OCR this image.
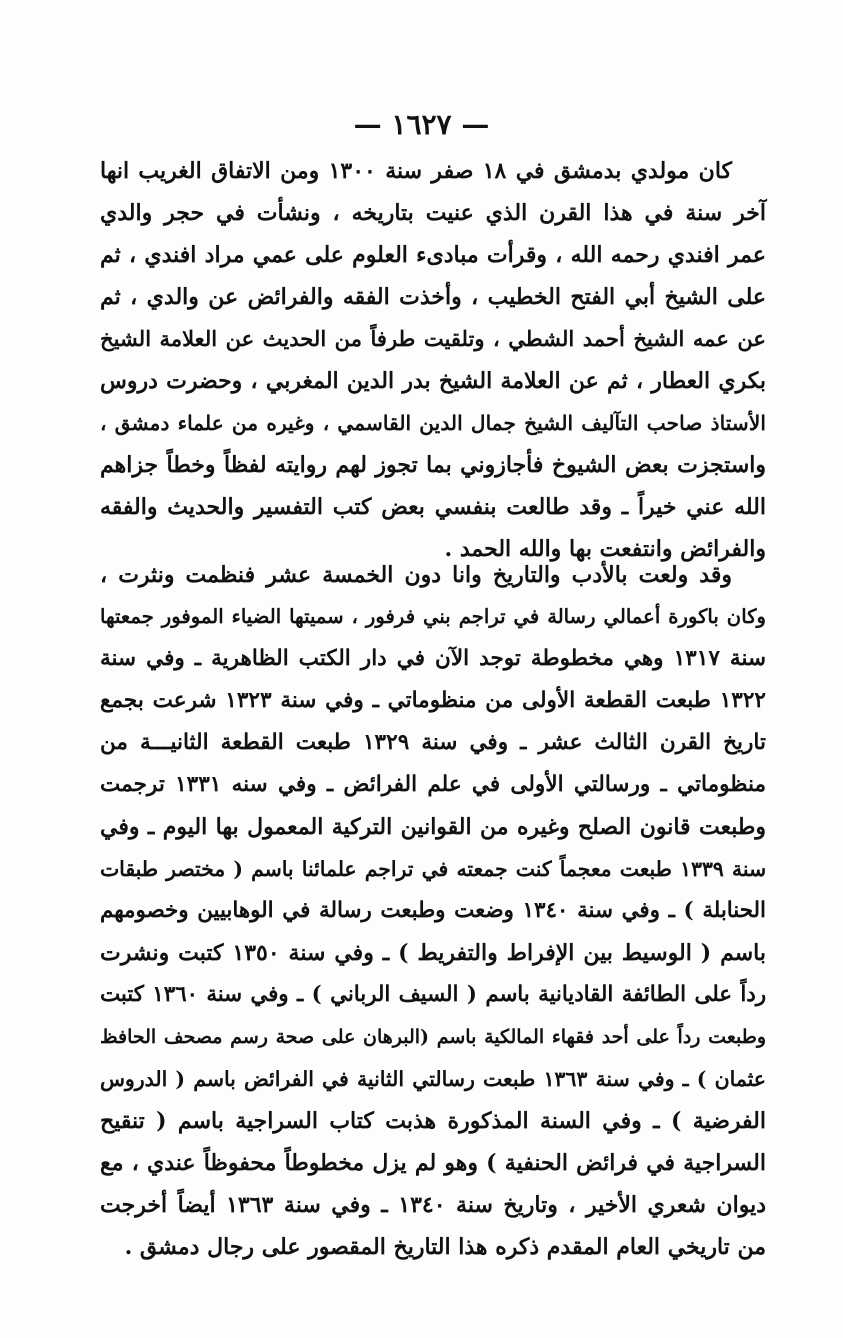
— ١٦٢٧ —
كان مولدي بدمشق في ١٨ صفر سنة ١٣٠٠ ومن الاتفاق الغريب انها
آخر سنة في هذا القرن الذي عنيت بتاريخه ، ونشأت في حجر والدي
عمر افندي رحمه الله ، وقرأت مبادىء العلوم على عمي مراد افندي ، ثم
على الشيخ أبي الفتح الخطيب ، وأخذت الفقه والفرائض عن والدي ، ثم
عن عمه الشيخ أحمد الشطي ، وتلقيت طرفاً من الحديث عن العلامة الشيخ
بكري العطار ، ثم عن العلامة الشيخ بدر الدين المغربي ، وحضرت دروس
الأستاذ صاحب التآليف الشيخ جمال الدين القاسمي ، وغيره من علماء دمشق ،
واستجزت بعض الشيوخ فأجازوني بما تجوز لهم روايته لفظاً وخطاً جزاهم
الله عني خيراً ـ وقد طالعت بنفسي بعض كتب التفسير والحديث والفقه
والفرائض وانتفعت بها والله الحمد .
وقد ولعت بالأدب والتاريخ وانا دون الخمسة عشر فنظمت ونثرت ،
وكان باكورة أعمالي رسالة في تراجم بني فرفور ، سميتها الضياء الموفور جمعتها
سنة ١٣١٧ وهي مخطوطة توجد الآن في دار الكتب الظاهرية ـ وفي سنة
١٣٢٢ طبعت القطعة الأولى من منظوماتي ـ وفي سنة ١٣٢٣ شرعت بجمع
تاريخ القرن الثالث عشر ـ وفي سنة ١٣٢٩ طبعت القطعة الثانيـــة من
منظوماتي ـ ورسالتي الأولى في علم الفرائض ـ وفي سنه ١٣٣١ ترجمت
وطبعت قانون الصلح وغيره من القوانين التركية المعمول بها اليوم ـ وفي
سنة ١٣٣٩ طبعت معجماً كنت جمعته في تراجم علمائنا باسم ( مختصر طبقات
الحنابلة ) ـ وفي سنة ١٣٤٠ وضعت وطبعت رسالة في الوهابيين وخصومهم
باسم ( الوسيط بين الإفراط والتفريط ) ـ وفي سنة ١٣٥٠ كتبت ونشرت
رداً على الطائفة القاديانية باسم ( السيف الرباني ) ـ وفي سنة ١٣٦٠ كتبت
وطبعت رداً على أحد فقهاء المالكية باسم (البرهان على صحة رسم مصحف الحافظ
عثمان ) ـ وفي سنة ١٣٦٣ طبعت رسالتي الثانية في الفرائض باسم ( الدروس
الفرضية ) ـ وفي السنة المذكورة هذبت كتاب السراجية باسم ( تنقيح
السراجية في فرائض الحنفية ) وهو لم يزل مخطوطاً محفوظاً عندي ، مع
ديوان شعري الأخير ، وتاريخ سنة ١٣٤٠ ـ وفي سنة ١٣٦٣ أيضاً أخرجت
من تاريخي العام المقدم ذكره هذا التاريخ المقصور على رجال دمشق .
